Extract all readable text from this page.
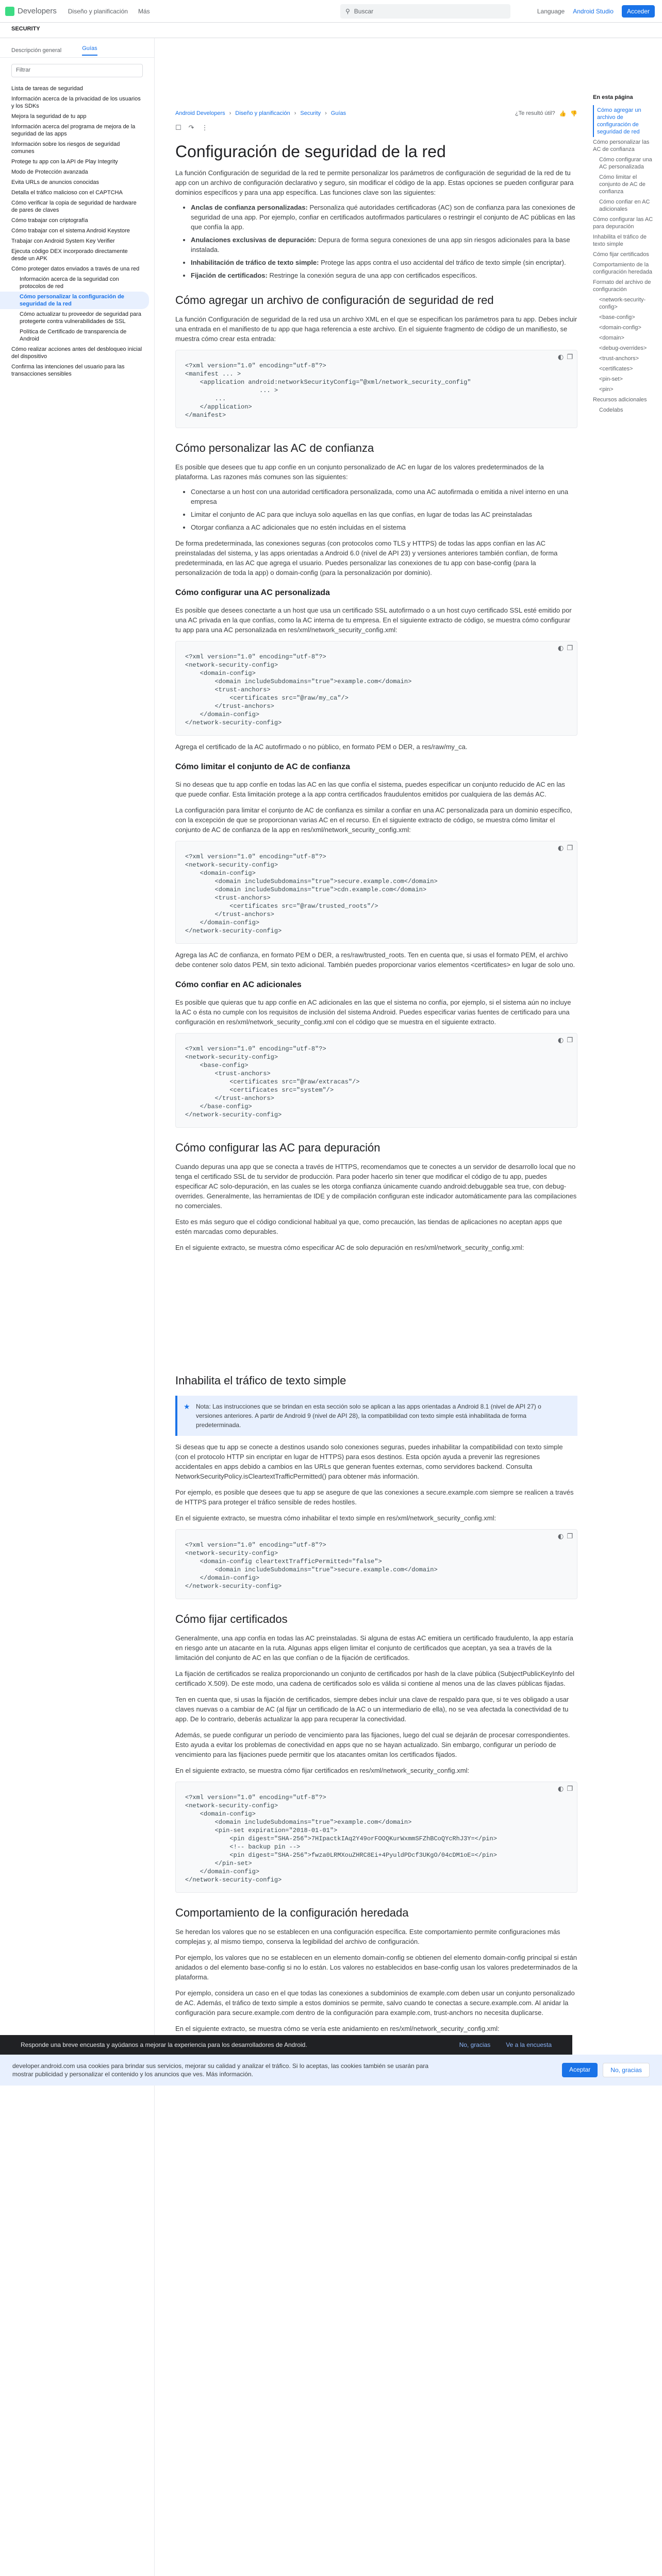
Developers Diseño y planificación Más	⚲ Buscar	Language Android Studio	Acceder
SECURITY
Descripción general	Guías
Filtrar
Lista de tareas de seguridad
Información acerca de la privacidad de los usuarios y los SDKs
Mejora la seguridad de tu app
Información acerca del programa de mejora de la seguridad de las apps
Información sobre los riesgos de seguridad comunes
Protege tu app con la API de Play Integrity
Modo de Protección avanzada
Evita URLs de anuncios conocidas
Detalla el tráfico malicioso con el CAPTCHA
Cómo verificar la copia de seguridad de hardware de pares de claves
Cómo trabajar con criptografía
Cómo trabajar con el sistema Android Keystore
Trabajar con Android System Key Verifier
Ejecuta código DEX incorporado directamente desde un APK
Cómo proteger datos enviados a través de una red
Información acerca de la seguridad con protocolos de red
Cómo personalizar la configuración de seguridad de la red
Cómo actualizar tu proveedor de seguridad para protegerte contra vulnerabilidades de SSL
Política de Certificado de transparencia de Android
Cómo realizar acciones antes del desbloqueo inicial del dispositivo
Confirma las intenciones del usuario para las transacciones sensibles
Android Developers › Diseño y planificación › Security › Guías	¿Te resultó útil? 👍 👎
☐ ↷ ⋮
Configuración de seguridad de la red

La función Configuración de seguridad de la red te permite personalizar los parámetros de configuración de seguridad de la red de tu app con un archivo de configuración declarativo y seguro, sin modificar el código de la app. Estas opciones se pueden configurar para dominios específicos y para una app específica. Las funciones clave son las siguientes:

• Anclas de confianza personalizadas: Personaliza qué autoridades certificadoras (AC) son de confianza para las conexiones de seguridad de una app. Por ejemplo, confiar en certificados autofirmados particulares o restringir el conjunto de AC públicas en las que confía la app.
• Anulaciones exclusivas de depuración: Depura de forma segura conexiones de una app sin riesgos adicionales para la base instalada.
• Inhabilitación de tráfico de texto simple: Protege las apps contra el uso accidental del tráfico de texto simple (sin encriptar).
• Fijación de certificados: Restringe la conexión segura de una app con certificados específicos.
Cómo agregar un archivo de configuración de seguridad de red

La función Configuración de seguridad de la red usa un archivo XML en el que se especifican los parámetros para tu app. Debes incluir una entrada en el manifiesto de tu app que haga referencia a este archivo. En el siguiente fragmento de código de un manifiesto, se muestra cómo crear esta entrada:

◐ ❐
<?xml version="1.0" encoding="utf-8"?>
<manifest ... >
<application android:networkSecurityConfig="@xml/network_security_config"
... >
...
</application>
</manifest>
Cómo personalizar las AC de confianza

Es posible que desees que tu app confíe en un conjunto personalizado de AC en lugar de los valores predeterminados de la plataforma. Las razones más comunes son las siguientes:

• Conectarse a un host con una autoridad certificadora personalizada, como una AC autofirmada o emitida a nivel interno en una empresa
• Limitar el conjunto de AC para que incluya solo aquellas en las que confías, en lugar de todas las AC preinstaladas
• Otorgar confianza a AC adicionales que no estén incluidas en el sistema

De forma predeterminada, las conexiones seguras (con protocolos como TLS y HTTPS) de todas las apps confían en las AC preinstaladas del sistema, y las apps orientadas a Android 6.0 (nivel de API 23) y versiones anteriores también confían, de forma predeterminada, en las AC que agrega el usuario. Puedes personalizar las conexiones de tu app con base-config (para la personalización de toda la app) o domain-config (para la personalización por dominio).

Cómo configurar una AC personalizada

Es posible que desees conectarte a un host que usa un certificado SSL autofirmado o a un host cuyo certificado SSL esté emitido por una AC privada en la que confías, como la AC interna de tu empresa. En el siguiente extracto de código, se muestra cómo configurar tu app para una AC personalizada en res/xml/network_security_config.xml:

◐ ❐
<?xml version="1.0" encoding="utf-8"?>
<network-security-config>
<domain-config>
<domain includeSubdomains="true">example.com</domain>
<trust-anchors>
<certificates src="@raw/my_ca"/>
</trust-anchors>
</domain-config>
</network-security-config>

Agrega el certificado de la AC autofirmado o no público, en formato PEM o DER, a res/raw/my_ca.

Cómo limitar el conjunto de AC de confianza

Si no deseas que tu app confíe en todas las AC en las que confía el sistema, puedes especificar un conjunto reducido de AC en las que puede confiar. Esta limitación protege a la app contra certificados fraudulentos emitidos por cualquiera de las demás AC.

La configuración para limitar el conjunto de AC de confianza es similar a confiar en una AC personalizada para un dominio específico, con la excepción de que se proporcionan varias AC en el recurso. En el siguiente extracto de código, se muestra cómo limitar el conjunto de AC de confianza de la app en res/xml/network_security_config.xml:

◐ ❐
<?xml version="1.0" encoding="utf-8"?>
<network-security-config>
<domain-config>
<domain includeSubdomains="true">secure.example.com</domain>
<domain includeSubdomains="true">cdn.example.com</domain>
<trust-anchors>
<certificates src="@raw/trusted_roots"/>
</trust-anchors>
</domain-config>
</network-security-config>

Agrega las AC de confianza, en formato PEM o DER, a res/raw/trusted_roots. Ten en cuenta que, si usas el formato PEM, el archivo debe contener solo datos PEM, sin texto adicional. También puedes proporcionar varios elementos <certificates> en lugar de solo uno.

Cómo confiar en AC adicionales

Es posible que quieras que tu app confíe en AC adicionales en las que el sistema no confía, por ejemplo, si el sistema aún no incluye la AC o ésta no cumple con los requisitos de inclusión del sistema Android. Puedes especificar varias fuentes de certificado para una configuración en res/xml/network_security_config.xml con el código que se muestra en el siguiente extracto.

◐ ❐
<?xml version="1.0" encoding="utf-8"?>
<network-security-config>
<base-config>
<trust-anchors>
<certificates src="@raw/extracas"/>
<certificates src="system"/>
</trust-anchors>
</base-config>
</network-security-config>
Cómo configurar las AC para depuración

Cuando depuras una app que se conecta a través de HTTPS, recomendamos que te conectes a un servidor de desarrollo local que no tenga el certificado SSL de tu servidor de producción. Para poder hacerlo sin tener que modificar el código de tu app, puedes especificar AC solo-depuración, en las cuales se les otorga confianza únicamente cuando android:debuggable sea true, con debug-overrides. Generalmente, las herramientas de IDE y de compilación configuran este indicador automáticamente para las compilaciones no comerciales.

Esto es más seguro que el código condicional habitual ya que, como precaución, las tiendas de aplicaciones no aceptan apps que estén marcadas como depurables.

En el siguiente extracto, se muestra cómo especificar AC de solo depuración en res/xml/network_security_config.xml:

Inhabilita el tráfico de texto simple
★ Nota: Las instrucciones que se brindan en esta sección solo se aplican a las apps orientadas a Android 8.1 (nivel de API 27) o versiones anteriores. A partir de Android 9 (nivel de API 28), la compatibilidad con texto simple está inhabilitada de forma predeterminada.

Si deseas que tu app se conecte a destinos usando solo conexiones seguras, puedes inhabilitar la compatibilidad con texto simple (con el protocolo HTTP sin encriptar en lugar de HTTPS) para esos destinos. Esta opción ayuda a prevenir las regresiones accidentales en apps debido a cambios en las URLs que generan fuentes externas, como servidores backend. Consulta NetworkSecurityPolicy.isCleartextTrafficPermitted() para obtener más información.

Por ejemplo, es posible que desees que tu app se asegure de que las conexiones a secure.example.com siempre se realicen a través de HTTPS para proteger el tráfico sensible de redes hostiles.

En el siguiente extracto, se muestra cómo inhabilitar el texto simple en res/xml/network_security_config.xml:

◐ ❐
<?xml version="1.0" encoding="utf-8"?>
<network-security-config>
<domain-config cleartextTrafficPermitted="false">
<domain includeSubdomains="true">secure.example.com</domain>
</domain-config>
</network-security-config>
Cómo fijar certificados

Generalmente, una app confía en todas las AC preinstaladas. Si alguna de estas AC emitiera un certificado fraudulento, la app estaría en riesgo ante un atacante en la ruta. Algunas apps eligen limitar el conjunto de certificados que aceptan, ya sea a través de la limitación del conjunto de AC en las que confían o de la fijación de certificados.

La fijación de certificados se realiza proporcionando un conjunto de certificados por hash de la clave pública (SubjectPublicKeyInfo del certificado X.509). De este modo, una cadena de certificados solo es válida si contiene al menos una de las claves públicas fijadas.

Ten en cuenta que, si usas la fijación de certificados, siempre debes incluir una clave de respaldo para que, si te ves obligado a usar claves nuevas o a cambiar de AC (al fijar un certificado de la AC o un intermediario de ella), no se vea afectada la conectividad de tu app. De lo contrario, deberás actualizar la app para recuperar la conectividad.

Además, se puede configurar un período de vencimiento para las fijaciones, luego del cual se dejarán de procesar correspondientes. Esto ayuda a evitar los problemas de conectividad en apps que no se hayan actualizado. Sin embargo, configurar un período de vencimiento para las fijaciones puede permitir que los atacantes omitan los certificados fijados.

En el siguiente extracto, se muestra cómo fijar certificados en res/xml/network_security_config.xml:

◐ ❐
<?xml version="1.0" encoding="utf-8"?>
<network-security-config>
<domain-config>
<domain includeSubdomains="true">example.com</domain>
<pin-set expiration="2018-01-01">
<pin digest="SHA-256">7HIpactkIAq2Y49orFOOQKurWxmmSFZhBCoQYcRhJ3Y=</pin>
<!-- backup pin -->
<pin digest="SHA-256">fwza0LRMXouZHRC8Ei+4PyuldPDcf3UKgO/04cDM1oE=</pin>
</pin-set>
</domain-config>
</network-security-config>
Comportamiento de la configuración heredada

Se heredan los valores que no se establecen en una configuración específica. Este comportamiento permite configuraciones más complejas y, al mismo tiempo, conserva la legibilidad del archivo de configuración.

Por ejemplo, los valores que no se establecen en un elemento domain-config se obtienen del elemento domain-config principal si están anidados o del elemento base-config si no lo están. Los valores no establecidos en base-config usan los valores predeterminados de la plataforma.

Por ejemplo, considera un caso en el que todas las conexiones a subdominios de example.com deben usar un conjunto personalizado de AC. Además, el tráfico de texto simple a estos dominios se permite, salvo cuando te conectas a secure.example.com. Al anidar la configuración para secure.example.com dentro de la configuración para example.com, trust-anchors no necesita duplicarse.

En el siguiente extracto, se muestra cómo se vería este anidamiento en res/xml/network_security_config.xml:

En esta página
Cómo agregar un archivo de configuración de seguridad de red
Cómo personalizar las AC de confianza
Cómo configurar una AC personalizada
Cómo limitar el conjunto de AC de confianza
Cómo confiar en AC adicionales
Cómo configurar las AC para depuración
Inhabilita el tráfico de texto simple
Cómo fijar certificados
Comportamiento de la configuración heredada
Formato del archivo de configuración
<network-security-config>
<base-config>
<domain-config>
<domain>
<debug-overrides>
<trust-anchors>
<certificates>
<pin-set>
<pin>
Recursos adicionales
Codelabs
Responde una breve encuesta y ayúdanos a mejorar la experiencia para los desarrolladores de Android.	No, gracias	Ve a la encuesta
developer.android.com usa cookies para brindar sus servicios, mejorar su calidad y analizar el tráfico. Si lo aceptas, las cookies también se usarán para mostrar publicidad y personalizar el contenido y los anuncios que ves. Más información.
Aceptar	No, gracias
